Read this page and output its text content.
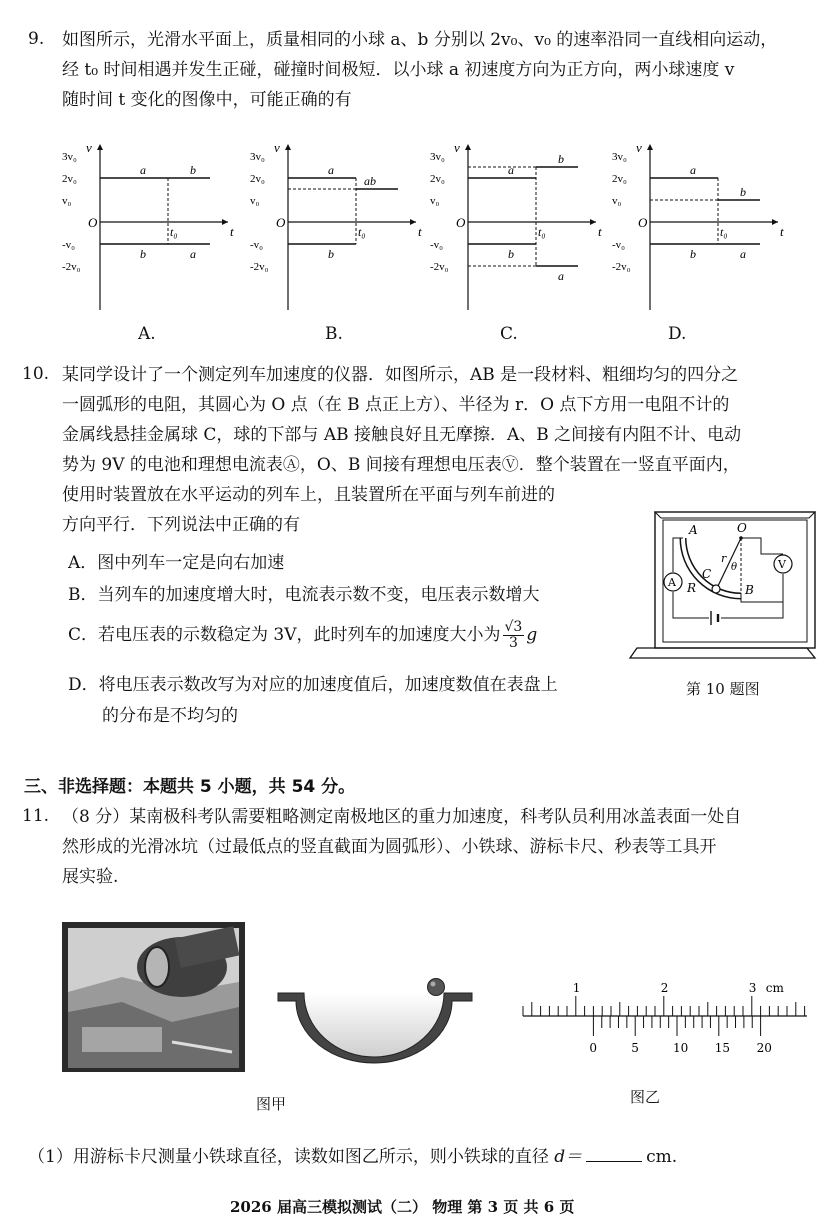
9. 如图所示，光滑水平面上，质量相同的小球 a、b 分别以 2v₀、v₀ 的速率沿同一直线相向运动，
经 t₀ 时间相遇并发生正碰，碰撞时间极短．以小球 a 初速度方向为正方向，两小球速度 v
随时间 t 变化的图像中，可能正确的有
v
t
O
3v₀
2v₀
v₀
-v₀
-2v₀
t₀
a
b	a
b
v
t
O
3v₀
2v₀
v₀
-v₀
-2v₀
t₀
a
b
ab
v
t
O
3v₀
2v₀
v₀
-v₀
-2v₀
t₀
a
b
a
b
v
t
O
3v₀
2v₀
v₀
-v₀
-2v₀
t₀
a
b	a
b
A.	B.	C.	D.
10. 某同学设计了一个测定列车加速度的仪器．如图所示，AB 是一段材料、粗细均匀的四分之
一圆弧形的电阻，其圆心为 O 点（在 B 点正上方）、半径为 r．O 点下方用一电阻不计的
金属线悬挂金属球 C，球的下部与 AB 接触良好且无摩擦．A、B 之间接有内阻不计、电动
势为 9V 的电池和理想电流表Ⓐ，O、B 间接有理想电压表Ⓥ．整个装置在一竖直平面内，
使用时装置放在水平运动的列车上，且装置所在平面与列车前进的
方向平行．下列说法中正确的有
A．图中列车一定是向右加速
B．当列车的加速度增大时，电流表示数不变，电压表示数增大
C．若电压表的示数稳定为 3V，此时列车的加速度大小为 $\frac{√3}{3}$ g
D．将电压表示数改写为对应的加速度值后，加速度数值在表盘上
的分布是不均匀的
A	O
C
r
θ
B
R
A
V
第 10 题图
三、非选择题：本题共 5 小题，共 54 分。
11. （8 分）某南极科考队需要粗略测定南极地区的重力加速度，科考队员利用冰盖表面一处自
然形成的光滑冰坑（过最低点的竖直截面为圆弧形）、小铁球、游标卡尺、秒表等工具开
展实验.
图甲
1	2	3 cm
0	5	10 15 20
图乙
（1）用游标卡尺测量小铁球直径，读数如图乙所示，则小铁球的直径 d＝	cm.
2026 届高三模拟测试（二） 物理 第 3 页 共 6 页
